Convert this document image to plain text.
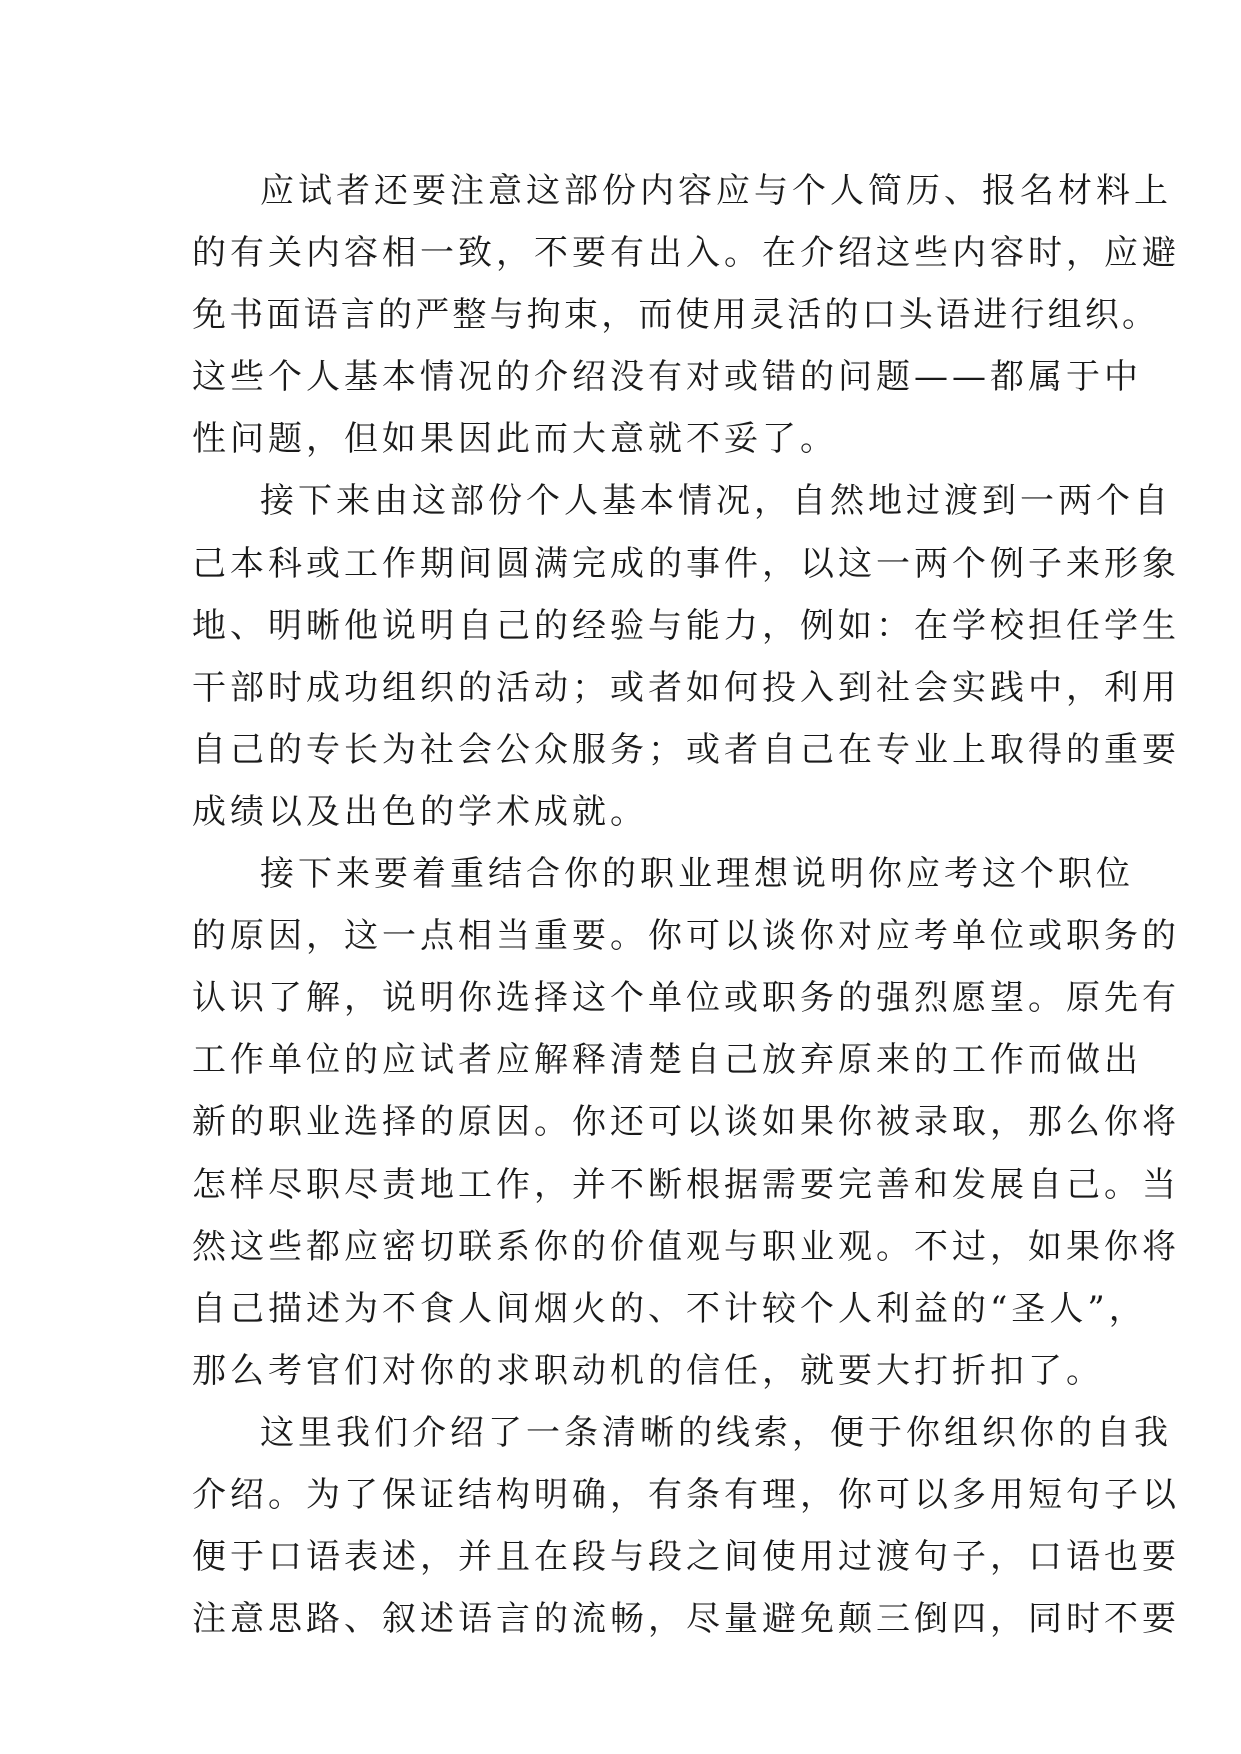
应试者还要注意这部份内容应与个人简历、报名材料上
的有关内容相一致，不要有出入。在介绍这些内容时，应避
免书面语言的严整与拘束，而使用灵活的口头语进行组织。
这些个人基本情况的介绍没有对或错的问题——都属于中
性问题，但如果因此而大意就不妥了。
接下来由这部份个人基本情况，自然地过渡到一两个自
己本科或工作期间圆满完成的事件，以这一两个例子来形象
地、明晰他说明自己的经验与能力，例如：在学校担任学生
干部时成功组织的活动；或者如何投入到社会实践中，利用
自己的专长为社会公众服务；或者自己在专业上取得的重要
成绩以及出色的学术成就。
接下来要着重结合你的职业理想说明你应考这个职位
的原因，这一点相当重要。你可以谈你对应考单位或职务的
认识了解，说明你选择这个单位或职务的强烈愿望。原先有
工作单位的应试者应解释清楚自己放弃原来的工作而做出
新的职业选择的原因。你还可以谈如果你被录取，那么你将
怎样尽职尽责地工作，并不断根据需要完善和发展自己。当
然这些都应密切联系你的价值观与职业观。不过，如果你将
自己描述为不食人间烟火的、不计较个人利益的“圣人”，
那么考官们对你的求职动机的信任，就要大打折扣了。
这里我们介绍了一条清晰的线索，便于你组织你的自我
介绍。为了保证结构明确，有条有理，你可以多用短句子以
便于口语表述，并且在段与段之间使用过渡句子，口语也要
注意思路、叙述语言的流畅，尽量避免颠三倒四，同时不要
